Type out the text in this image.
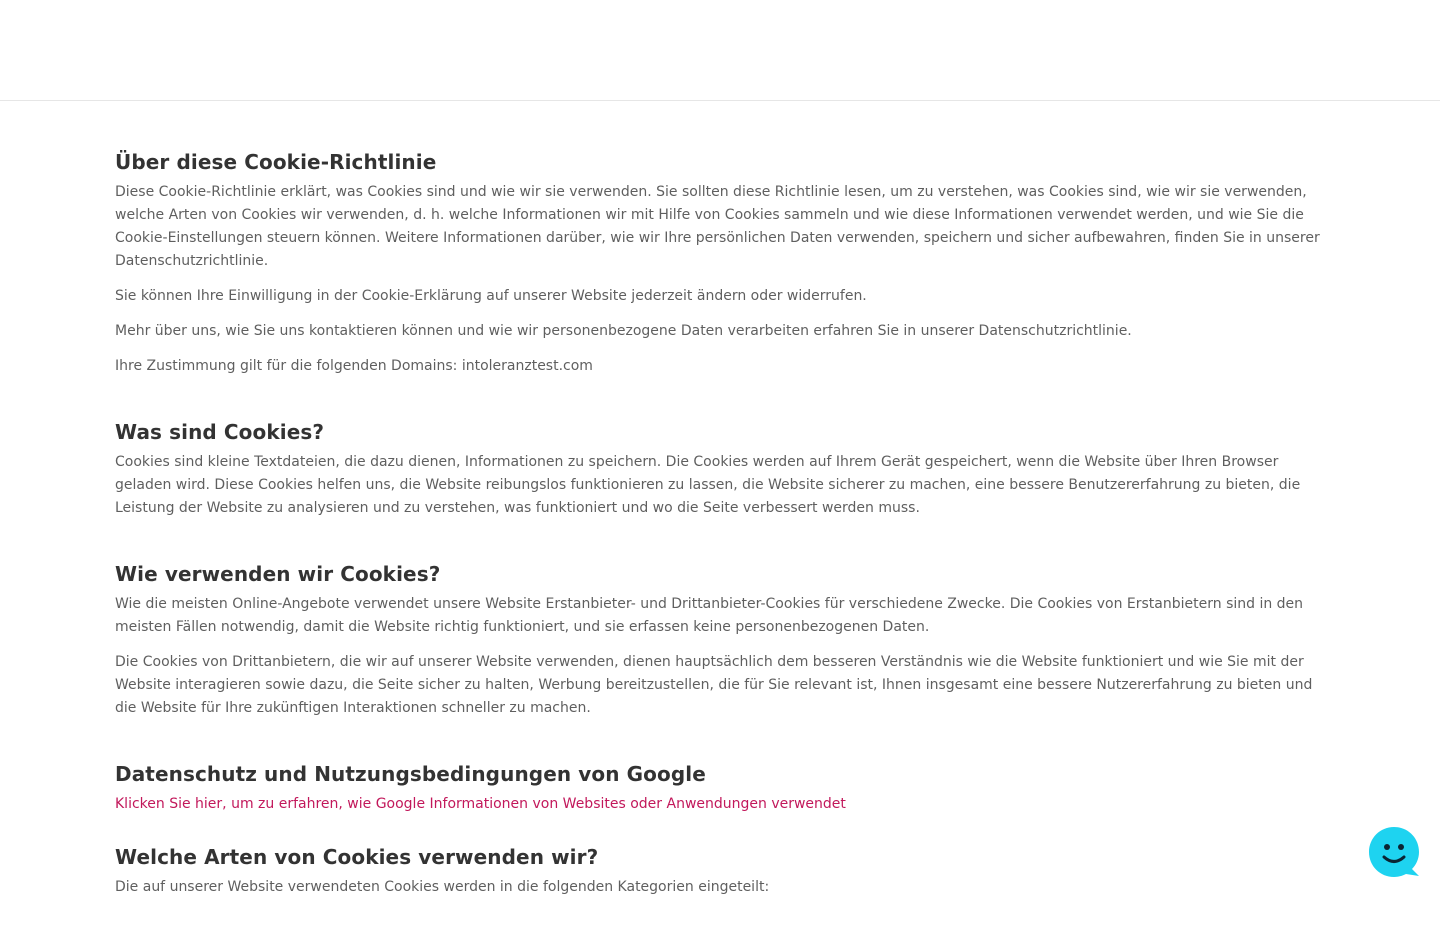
Über diese Cookie-Richtlinie

Diese Cookie-Richtlinie erklärt, was Cookies sind und wie wir sie verwenden. Sie sollten diese Richtlinie lesen, um zu verstehen, was Cookies sind, wie wir sie verwenden, welche Arten von Cookies wir verwenden, d. h. welche Informationen wir mit Hilfe von Cookies sammeln und wie diese Informationen verwendet werden, und wie Sie die Cookie-Einstellungen steuern können. Weitere Informationen darüber, wie wir Ihre persönlichen Daten verwenden, speichern und sicher aufbewahren, finden Sie in unserer Datenschutzrichtlinie.

Sie können Ihre Einwilligung in der Cookie-Erklärung auf unserer Website jederzeit ändern oder widerrufen.

Mehr über uns, wie Sie uns kontaktieren können und wie wir personenbezogene Daten verarbeiten erfahren Sie in unserer Datenschutzrichtlinie.

Ihre Zustimmung gilt für die folgenden Domains: intoleranztest.com

Was sind Cookies?

Cookies sind kleine Textdateien, die dazu dienen, Informationen zu speichern. Die Cookies werden auf Ihrem Gerät gespeichert, wenn die Website über Ihren Browser geladen wird. Diese Cookies helfen uns, die Website reibungslos funktionieren zu lassen, die Website sicherer zu machen, eine bessere Benutzererfahrung zu bieten, die Leistung der Website zu analysieren und zu verstehen, was funktioniert und wo die Seite verbessert werden muss.

Wie verwenden wir Cookies?

Wie die meisten Online-Angebote verwendet unsere Website Erstanbieter- und Drittanbieter-Cookies für verschiedene Zwecke. Die Cookies von Erstanbietern sind in den meisten Fällen notwendig, damit die Website richtig funktioniert, und sie erfassen keine personenbezogenen Daten.

Die Cookies von Drittanbietern, die wir auf unserer Website verwenden, dienen hauptsächlich dem besseren Verständnis wie die Website funktioniert und wie Sie mit der Website interagieren sowie dazu, die Seite sicher zu halten, Werbung bereitzustellen, die für Sie relevant ist, Ihnen insgesamt eine bessere Nutzererfahrung zu bieten und die Website für Ihre zukünftigen Interaktionen schneller zu machen.

Datenschutz und Nutzungsbedingungen von Google
Klicken Sie hier, um zu erfahren, wie Google Informationen von Websites oder Anwendungen verwendet
Welche Arten von Cookies verwenden wir?

Die auf unserer Website verwendeten Cookies werden in die folgenden Kategorien eingeteilt:
